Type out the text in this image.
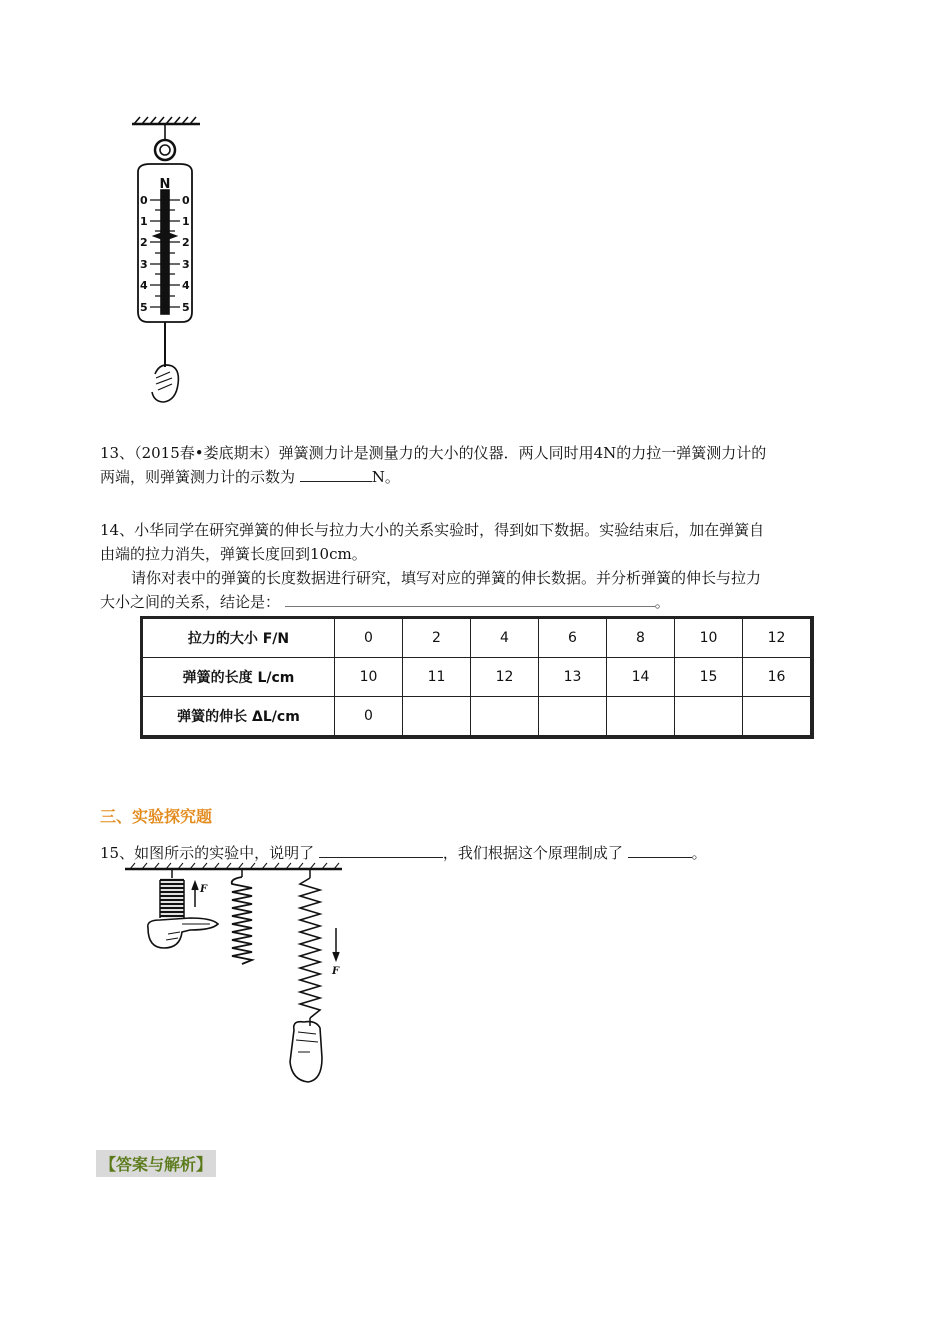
N
0
1
2
3
4
5
0
1
2
3
4
5
13、（2015春•娄底期末）弹簧测力计是测量力的大小的仪器．两人同时用4N的力拉一弹簧测力计的
两端，则弹簧测力计的示数为	N。
14、小华同学在研究弹簧的伸长与拉力大小的关系实验时，得到如下数据。实验结束后，加在弹簧自
由端的拉力消失，弹簧长度回到10cm。
请你对表中的弹簧的长度数据进行研究，填写对应的弹簧的伸长数据。并分析弹簧的伸长与拉力
大小之间的关系，结论是：	。
拉力的大小 F/N	0	2	4	6	8	10	12
弹簧的长度 L/cm	10	11	12	13	14	15	16
弹簧的伸长 ΔL/cm	0						
三、实验探究题
15、如图所示的实验中，说明了	，我们根据这个原理制成了	。
F
F
【答案与解析】
